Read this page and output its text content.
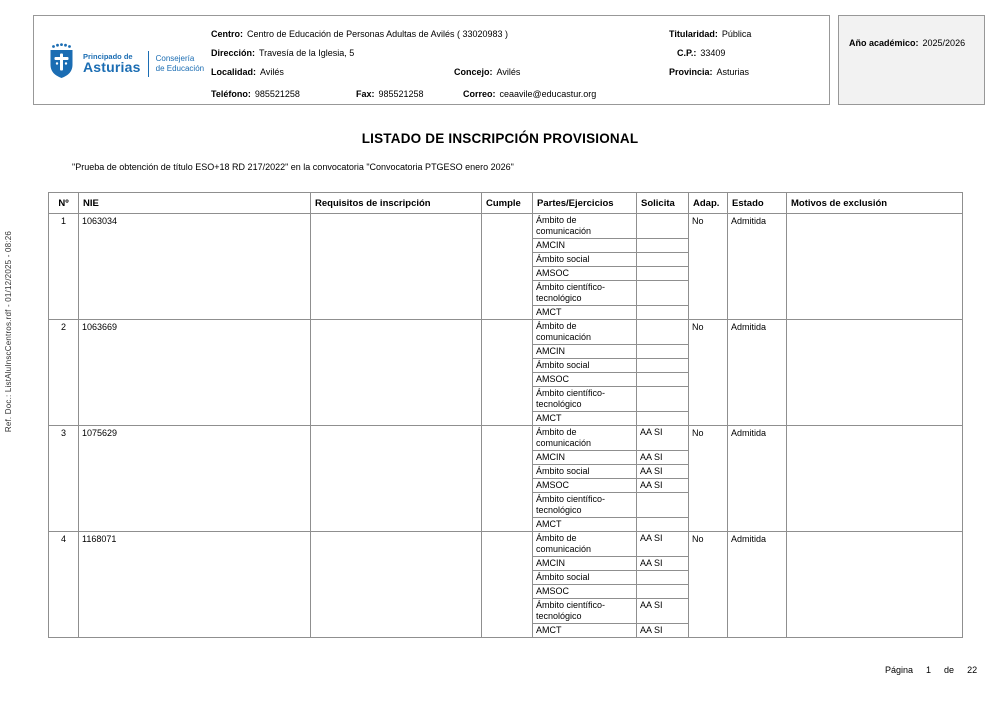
Ref. Doc.: ListAluInscCentros.rdf - 01/12/2025 - 08:26
Principado de
Asturias
Consejería
de Educación
Centro: Centro de Educación de Personas Adultas de Avilés ( 33020983 )	Titularidad: Pública
Dirección: Travesía de la Iglesia, 5	C.P.: 33409
Localidad: Avilés	Concejo: Avilés	Provincia: Asturias
Teléfono: 985521258	Fax: 985521258	Correo: ceaavile@educastur.org
Año académico: 2025/2026
LISTADO DE INSCRIPCIÓN PROVISIONAL
"Prueba de obtención de título ESO+18 RD 217/2022" en la convocatoria "Convocatoria PTGESO enero 2026"
Nº	NIE	Requisitos de inscripción	Cumple	Partes/Ejercicios	Solicita	Adap.	Estado	Motivos de exclusión
1	1063034			Ámbito de comunicación		No	Admitida	
				AMCIN				
				Ámbito social				
				AMSOC				
				Ámbito científico-tecnológico				
				AMCT				
2	1063669			Ámbito de comunicación		No	Admitida	
				AMCIN				
				Ámbito social				
				AMSOC				
				Ámbito científico-tecnológico				
				AMCT				
3	1075629			Ámbito de comunicación	AA SI	No	Admitida	
				AMCIN	AA SI			
				Ámbito social	AA SI			
				AMSOC	AA SI			
				Ámbito científico-tecnológico				
				AMCT				
4	1168071			Ámbito de comunicación	AA SI	No	Admitida	
				AMCIN	AA SI			
				Ámbito social				
				AMSOC				
				Ámbito científico-tecnológico	AA SI			
				AMCT	AA SI			
Página 1 de 22
